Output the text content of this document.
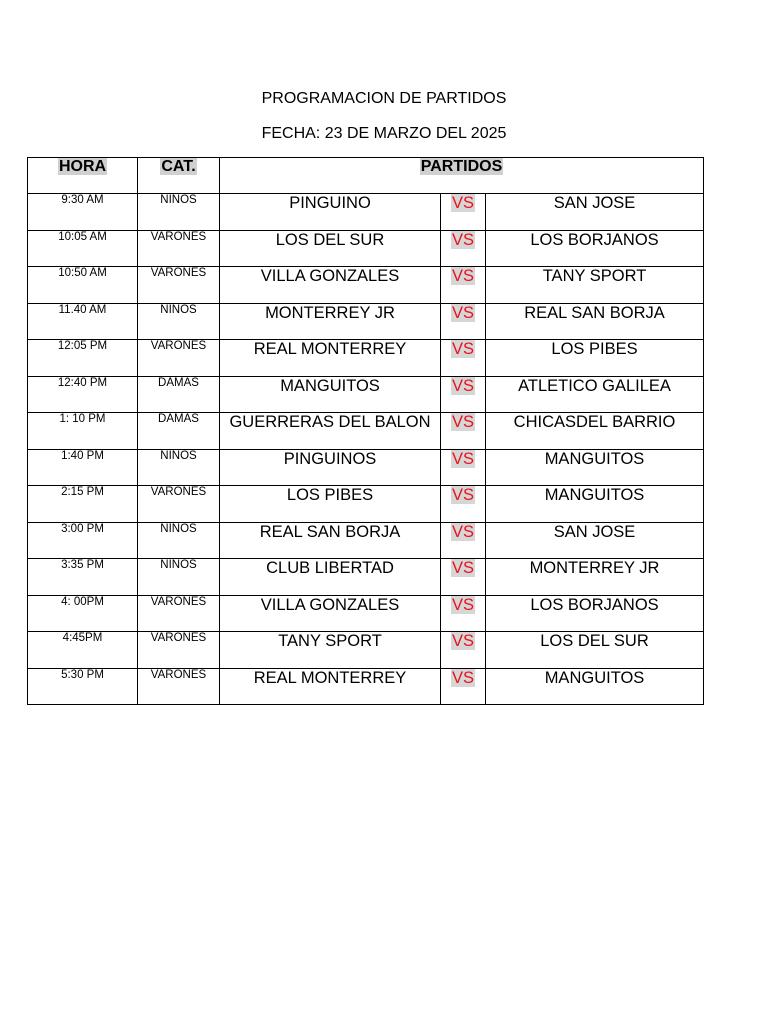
PROGRAMACION DE PARTIDOS
FECHA: 23 DE MARZO DEL 2025
HORA	CAT.	PARTIDOS		
9:30 AM	NIÑOS	PINGUINO	VS	SAN JOSE
10:05 AM	VARONES	LOS DEL SUR	VS	LOS BORJANOS
10:50 AM	VARONES	VILLA GONZALES	VS	TANY SPORT
11.40 AM	NIÑOS	MONTERREY JR	VS	REAL SAN BORJA
12:05 PM	VARONES	REAL MONTERREY	VS	LOS PIBES
12:40 PM	DAMAS	MANGUITOS	VS	ATLETICO GALILEA
1: 10 PM	DAMAS	GUERRERAS DEL BALON	VS	CHICASDEL BARRIO
1:40 PM	NIÑOS	PINGUINOS	VS	MANGUITOS
2:15 PM	VARONES	LOS PIBES	VS	MANGUITOS
3:00 PM	NIÑOS	REAL SAN BORJA	VS	SAN JOSE
3:35 PM	NIÑOS	CLUB LIBERTAD	VS	MONTERREY JR
4: 00PM	VARONES	VILLA GONZALES	VS	LOS BORJANOS
4:45PM	VARONES	TANY SPORT	VS	LOS DEL SUR
5:30 PM	VARONES	REAL MONTERREY	VS	MANGUITOS
